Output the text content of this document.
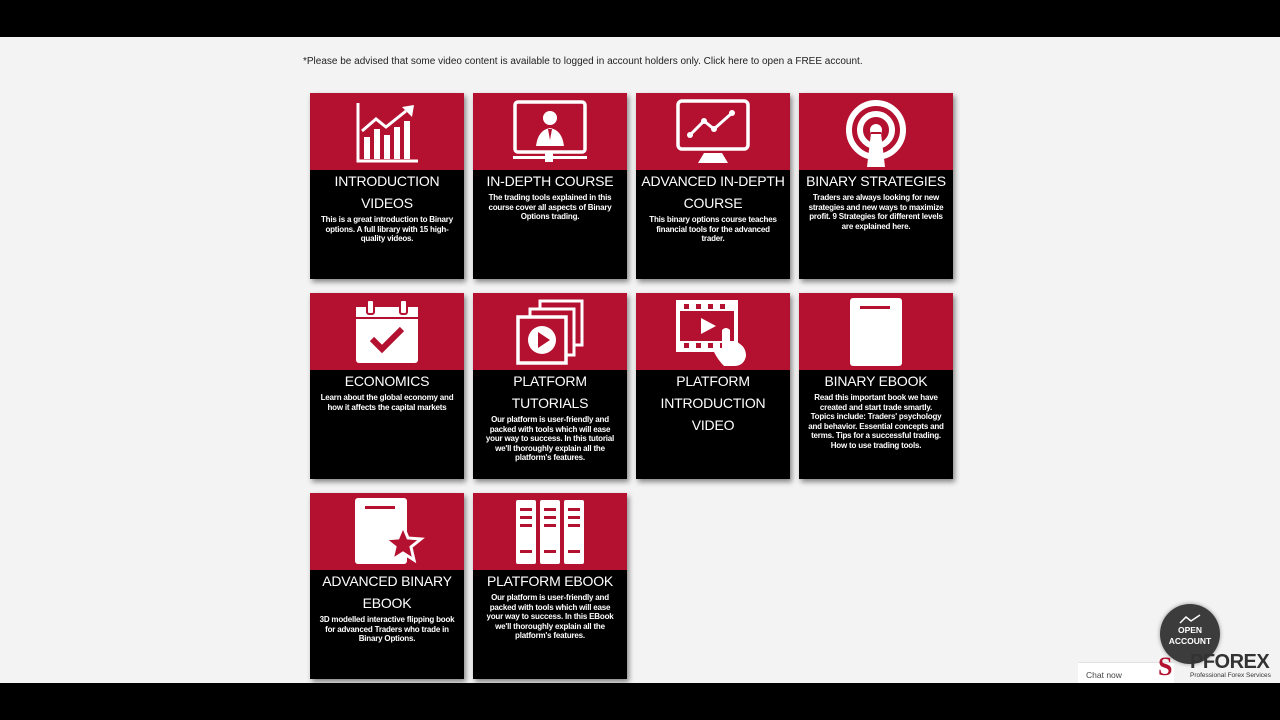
*Please be advised that some video content is available to logged in account holders only. Click here to open a FREE account.
INTRODUCTION VIDEOS
This is a great introduction to Binary options. A full library with 15 high-quality videos.
IN-DEPTH COURSE
The trading tools explained in this course cover all aspects of Binary Options trading.
ADVANCED IN-DEPTH COURSE
This binary options course teaches financial tools for the advanced trader.
BINARY STRATEGIES
Traders are always looking for new strategies and new ways to maximize profit. 9 Strategies for different levels are explained here.
ECONOMICS
Learn about the global economy and how it affects the capital markets
PLATFORM TUTORIALS
Our platform is user-friendly and packed with tools which will ease your way to success. In this tutorial we'll thoroughly explain all the platform's features.
PLATFORM INTRODUCTION VIDEO
BINARY EBOOK
Read this important book we have created and start trade smartly. Topics include: Traders' psychology and behavior. Essential concepts and terms. Tips for a successful trading. How to use trading tools.
ADVANCED BINARY EBOOK
3D modelled interactive flipping book for advanced Traders who trade in Binary Options.
PLATFORM EBOOK
Our platform is user-friendly and packed with tools which will ease your way to success. In this EBook we'll thoroughly explain all the platform's features.
Chat now
OPEN ACCOUNT
S PFOREX
Professional Forex Services
